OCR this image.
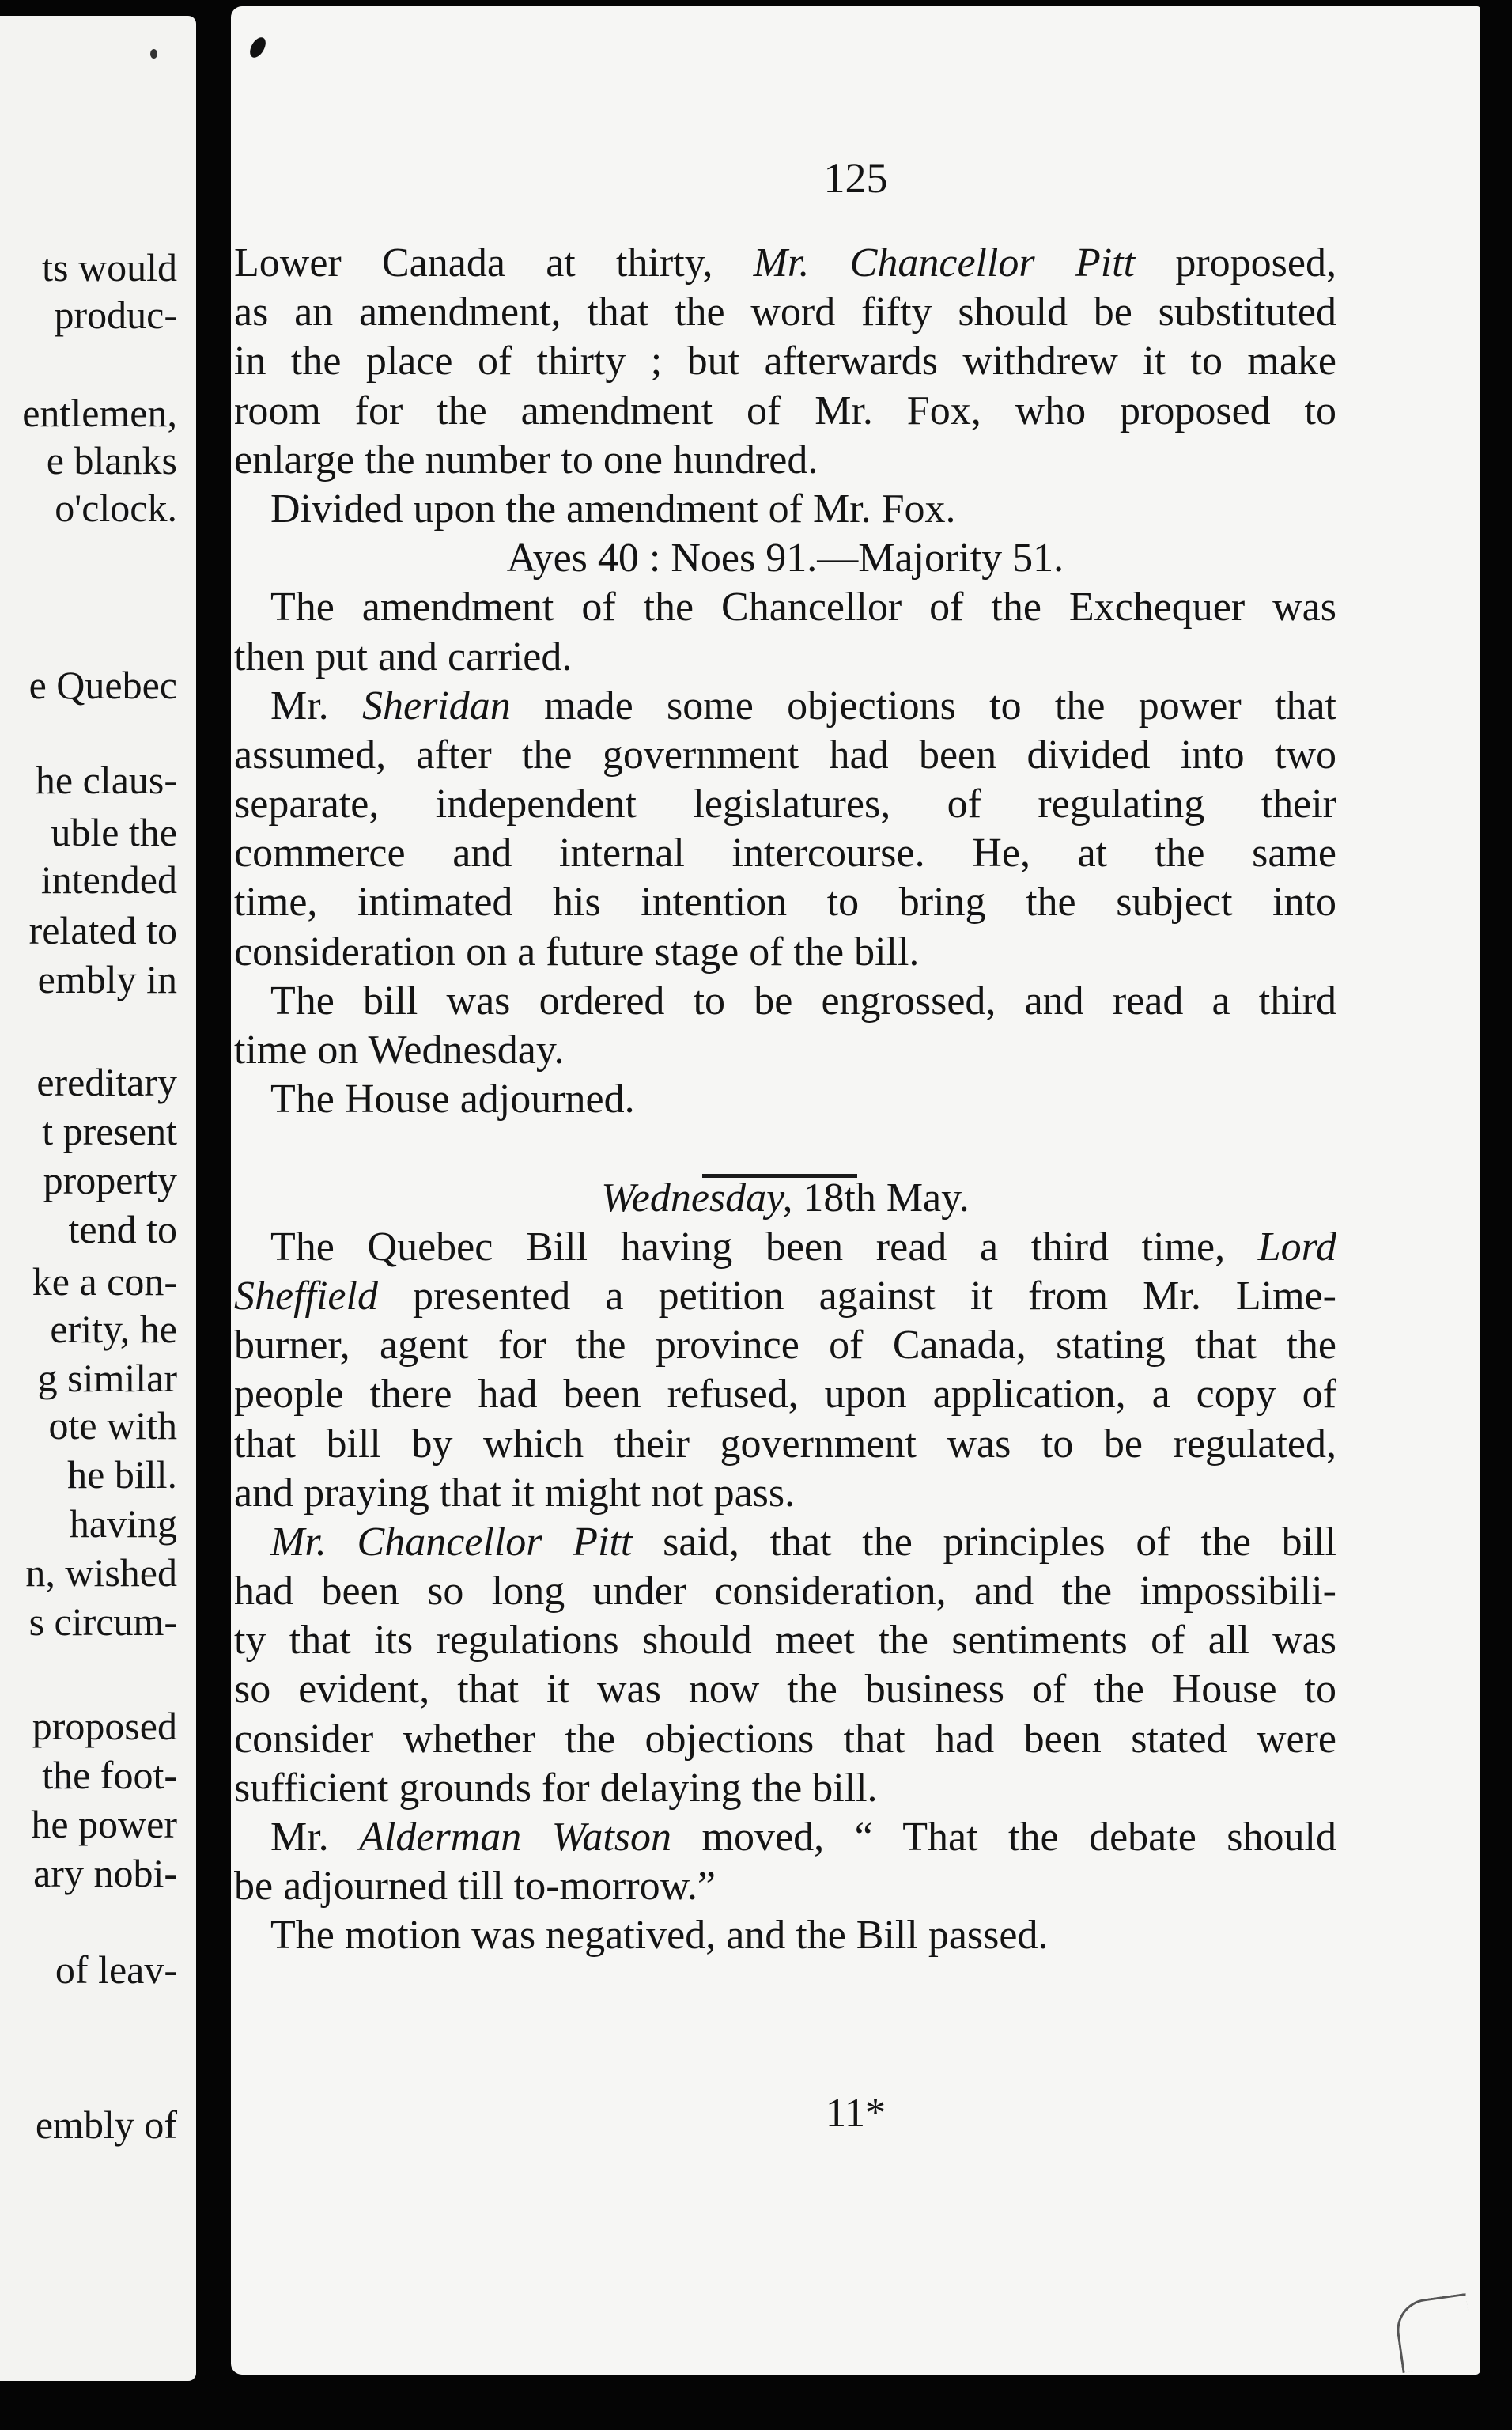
ts would
produc-
entlemen,
e blanks
o'clock.
e Quebec
he claus-
uble the
intended
related to
embly in
ereditary
t present
property
tend to
ke a con-
erity, he
g similar
ote with
he bill.
having
n, wished
s circum-
proposed
the foot-
he power
ary nobi-
of leav-
embly of
125
11*
Lower Canada at thirty, Mr. Chancellor Pitt proposed,
as an amendment, that the word fifty should be substituted
in the place of thirty ; but afterwards withdrew it to make
room for the amendment of Mr. Fox, who proposed to
enlarge the number to one hundred.
Divided upon the amendment of Mr. Fox.
Ayes 40 : Noes 91.—Majority 51.
The amendment of the Chancellor of the Exchequer was
then put and carried.
Mr. Sheridan made some objections to the power that
assumed, after the government had been divided into two
separate, independent legislatures, of regulating their
commerce and internal intercourse. He, at the same
time, intimated his intention to bring the subject into
consideration on a future stage of the bill.
The bill was ordered to be engrossed, and read a third
time on Wednesday.
The House adjourned.

Wednesday, 18th May.
The Quebec Bill having been read a third time, Lord
Sheffield presented a petition against it from Mr. Lime-
burner, agent for the province of Canada, stating that the
people there had been refused, upon application, a copy of
that bill by which their government was to be regulated,
and praying that it might not pass.
Mr. Chancellor Pitt said, that the principles of the bill
had been so long under consideration, and the impossibili-
ty that its regulations should meet the sentiments of all was
so evident, that it was now the business of the House to
consider whether the objections that had been stated were
sufficient grounds for delaying the bill.
Mr. Alderman Watson moved, “ That the debate should
be adjourned till to-morrow.”
The motion was negatived, and the Bill passed.
